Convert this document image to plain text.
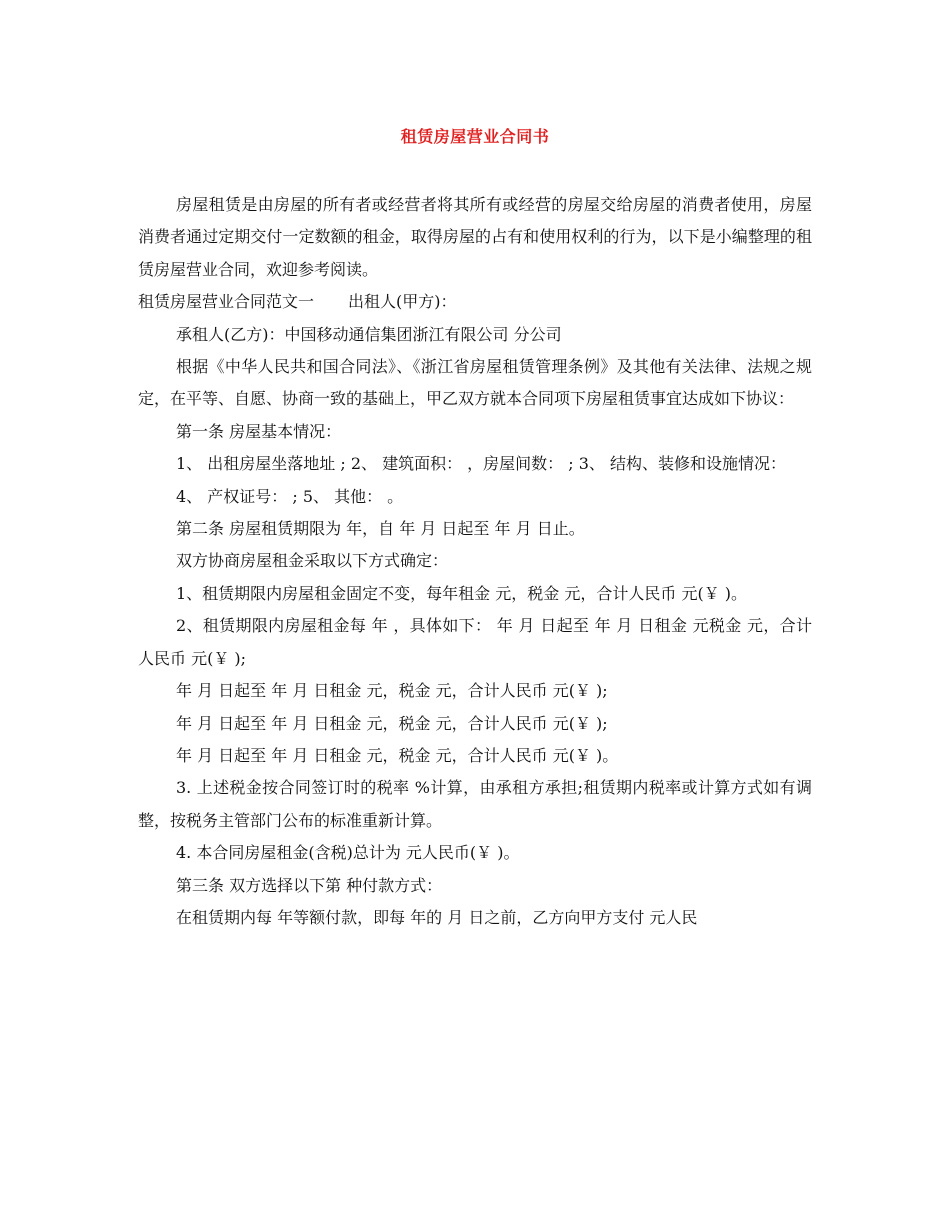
租赁房屋营业合同书

房屋租赁是由房屋的所有者或经营者将其所有或经营的房屋交给房屋的消费者使用，房屋消费者通过定期交付一定数额的租金，取得房屋的占有和使用权利的行为，以下是小编整理的租赁房屋营业合同，欢迎参考阅读。

租赁房屋营业合同范文一 出租人(甲方)：

承租人(乙方)：中国移动通信集团浙江有限公司 分公司

根据《中华人民共和国合同法》、《浙江省房屋租赁管理条例》及其他有关法律、法规之规定，在平等、自愿、协商一致的基础上，甲乙双方就本合同项下房屋租赁事宜达成如下协议：

第一条 房屋基本情况：

1、 出租房屋坐落地址 ; 2、 建筑面积： ，房屋间数： ; 3、 结构、装修和设施情况：

4、 产权证号： ; 5、 其他： 。

第二条 房屋租赁期限为 年，自 年 月 日起至 年 月 日止。

双方协商房屋租金采取以下方式确定：

1、租赁期限内房屋租金固定不变，每年租金 元，税金 元，合计人民币 元(￥ )。

2、租赁期限内房屋租金每 年 ，具体如下： 年 月 日起至 年 月 日租金 元税金 元，合计人民币 元(￥ );

年 月 日起至 年 月 日租金 元，税金 元，合计人民币 元(￥ );

年 月 日起至 年 月 日租金 元，税金 元，合计人民币 元(￥ );

年 月 日起至 年 月 日租金 元，税金 元，合计人民币 元(￥ )。

3. 上述税金按合同签订时的税率 %计算，由承租方承担;租赁期内税率或计算方式如有调整，按税务主管部门公布的标准重新计算。

4. 本合同房屋租金(含税)总计为 元人民币(￥ )。

第三条 双方选择以下第 种付款方式：

在租赁期内每 年等额付款，即每 年的 月 日之前，乙方向甲方支付 元人民
